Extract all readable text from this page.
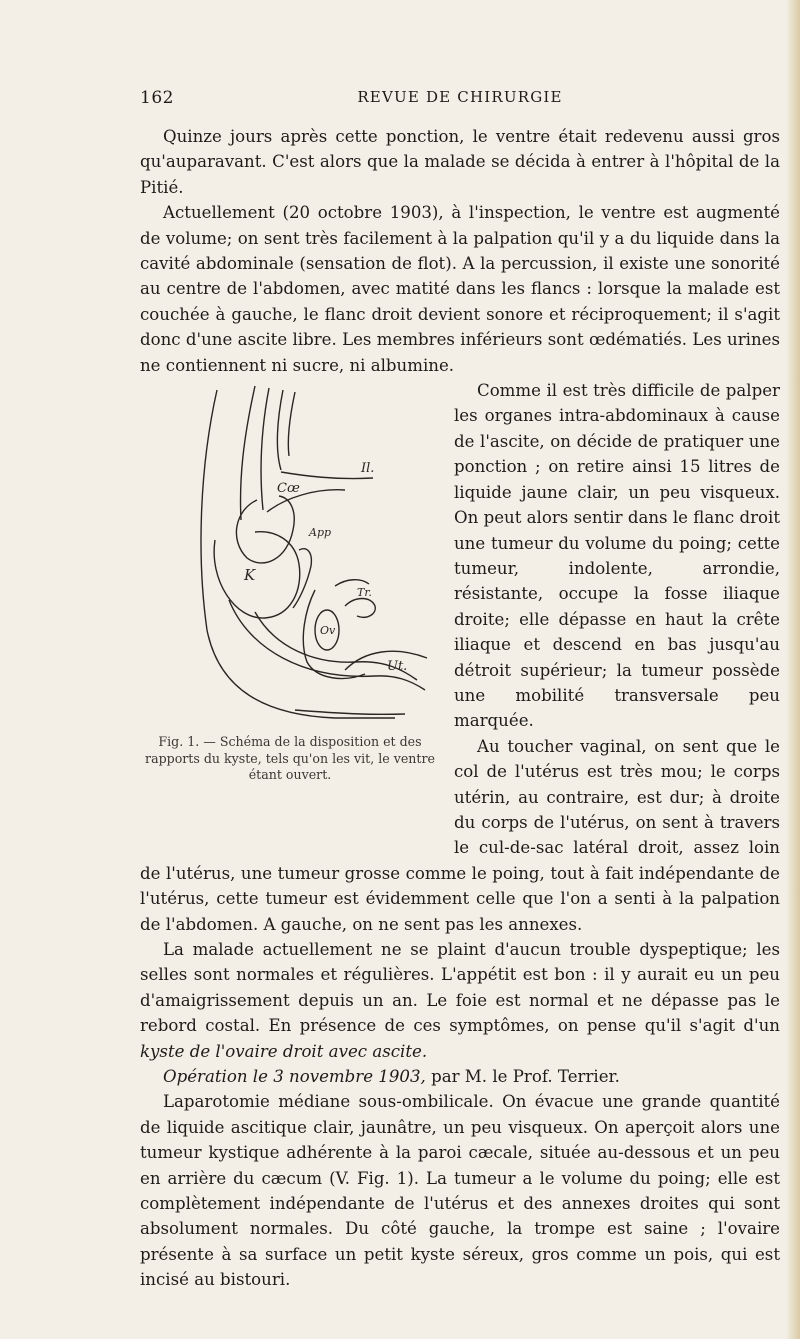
162	REVUE DE CHIRURGIE

Quinze jours après cette ponction, le ventre était redevenu aussi gros qu'auparavant. C'est alors que la malade se décida à entrer à l'hôpital de la Pitié.

Actuellement (20 octobre 1903), à l'inspection, le ventre est augmenté de volume; on sent très facilement à la palpation qu'il y a du liquide dans la cavité abdominale (sensation de flot). A la percussion, il existe une sonorité au centre de l'abdomen, avec matité dans les flancs : lorsque la malade est couchée à gauche, le flanc droit devient sonore et réciproquement; il s'agit donc d'une ascite libre. Les membres inférieurs sont œdématiés. Les urines ne contiennent ni sucre, ni albumine.

Il.
Cœ
App
K
Tr.
Ov
Ut.
Fig. 1. — Schéma de la disposition et des rapports du kyste, tels qu'on les vit, le ventre étant ouvert.

Comme il est très difficile de palper les organes intra-abdominaux à cause de l'ascite, on décide de pratiquer une ponction ; on retire ainsi 15 litres de liquide jaune clair, un peu visqueux. On peut alors sentir dans le flanc droit une tumeur du volume du poing; cette tumeur, indolente, arrondie, résistante, occupe la fosse iliaque droite; elle dépasse en haut la crête iliaque et descend en bas jusqu'au détroit supérieur; la tumeur possède une mobilité transversale peu marquée.

Au toucher vaginal, on sent que le col de l'utérus est très mou; le corps utérin, au contraire, est dur; à droite du corps de l'utérus, on sent à travers le cul-de-sac latéral droit, assez loin de l'utérus, une tumeur grosse comme le poing, tout à fait indépendante de l'utérus, cette tumeur est évidemment celle que l'on a senti à la palpation de l'abdomen. A gauche, on ne sent pas les annexes.

La malade actuellement ne se plaint d'aucun trouble dyspeptique; les selles sont normales et régulières. L'appétit est bon : il y aurait eu un peu d'amaigrissement depuis un an. Le foie est normal et ne dépasse pas le rebord costal. En présence de ces symptômes, on pense qu'il s'agit d'un kyste de l'ovaire droit avec ascite.

Opération le 3 novembre 1903, par M. le Prof. Terrier.

Laparotomie médiane sous-ombilicale. On évacue une grande quantité de liquide ascitique clair, jaunâtre, un peu visqueux. On aperçoit alors une tumeur kystique adhérente à la paroi cæcale, située au-dessous et un peu en arrière du cæcum (V. Fig. 1). La tumeur a le volume du poing; elle est complètement indépendante de l'utérus et des annexes droites qui sont absolument normales. Du côté gauche, la trompe est saine ; l'ovaire présente à sa surface un petit kyste séreux, gros comme un pois, qui est incisé au bistouri.
